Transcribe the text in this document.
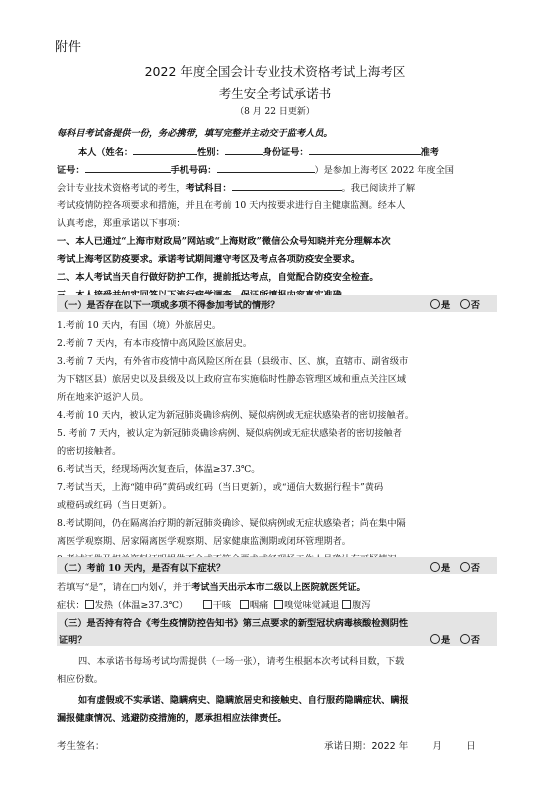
附件
2022 年度全国会计专业技术资格考试上海考区
考生安全考试承诺书
（8 月 22 日更新）
每科目考试备提供一份，务必携带，填写完整并主动交于监考人员。
本人（姓名：	性别：	身份证号：	准考
证号：	手机号码：	）是参加上海考区 2022 年度全国
会计专业技术资格考试的考生，考试科目：	。我已阅读并了解
考试疫情防控各项要求和措施，并且在考前 10 天内按要求进行自主健康监测。经本人
认真考虑，郑重承诺以下事项：
一、本人已通过“上海市财政局”网站或“上海财政”微信公众号知晓并充分理解本次
考试上海考区防疫要求。承诺考试期间遵守考区及考点各项防疫安全要求。
二、本人考试当天自行做好防护工作，提前抵达考点，自觉配合防疫安全检查。
（一）是否存在以下一项或多项不得参加考试的情形？	是 否
1.考前 10 天内，有国（境）外旅居史。
2.考前 7 天内，有本市疫情中高风险区旅居史。
3.考前 7 天内，有外省市疫情中高风险区所在县（县级市、区、旗，直辖市、副省级市
为下辖区县）旅居史以及县级及以上政府宣布实施临时性静态管理区域和重点关注区域
所在地来沪返沪人员。
4.考前 10 天内，被认定为新冠肺炎确诊病例、疑似病例或无症状感染者的密切接触者。
5. 考前 7 天内，被认定为新冠肺炎确诊病例、疑似病例或无症状感染者的密切接触者
的密切接触者。
6.考试当天，经现场两次复查后，体温≥37.3℃。
7.考试当天，上海“随申码”黄码或红码（当日更新），或“通信大数据行程卡”黄码
或橙码或红码（当日更新）。
8.考试期间，仍在隔离治疗期的新冠肺炎确诊、疑似病例或无症状感染者；尚在集中隔
离医学观察期、居家隔离医学观察期、居家健康监测期或闭环管理期者。
（二）考前 10 天内，是否有以下症状？	是 否
若填写“是”，请在□内划√，并于考试当天出示本市二级以上医院就医凭证。
症状： 发热（体温≥37.3℃）	干咳 咽痛 嗅觉味觉减退 腹泻
（三）是否持有符合《考生疫情防控告知书》第三点要求的新型冠状病毒核酸检测阴性
证明？	是 否
四、本承诺书每场考试均需提供（一场一张），请考生根据本次考试科目数，下载
相应份数。
如有虚假或不实承诺、隐瞒病史、隐瞒旅居史和接触史、自行服药隐瞒症状、瞒报
漏报健康情况、逃避防疫措施的，愿承担相应法律责任。
考生签名：	承诺日期：2022 年	月	日
